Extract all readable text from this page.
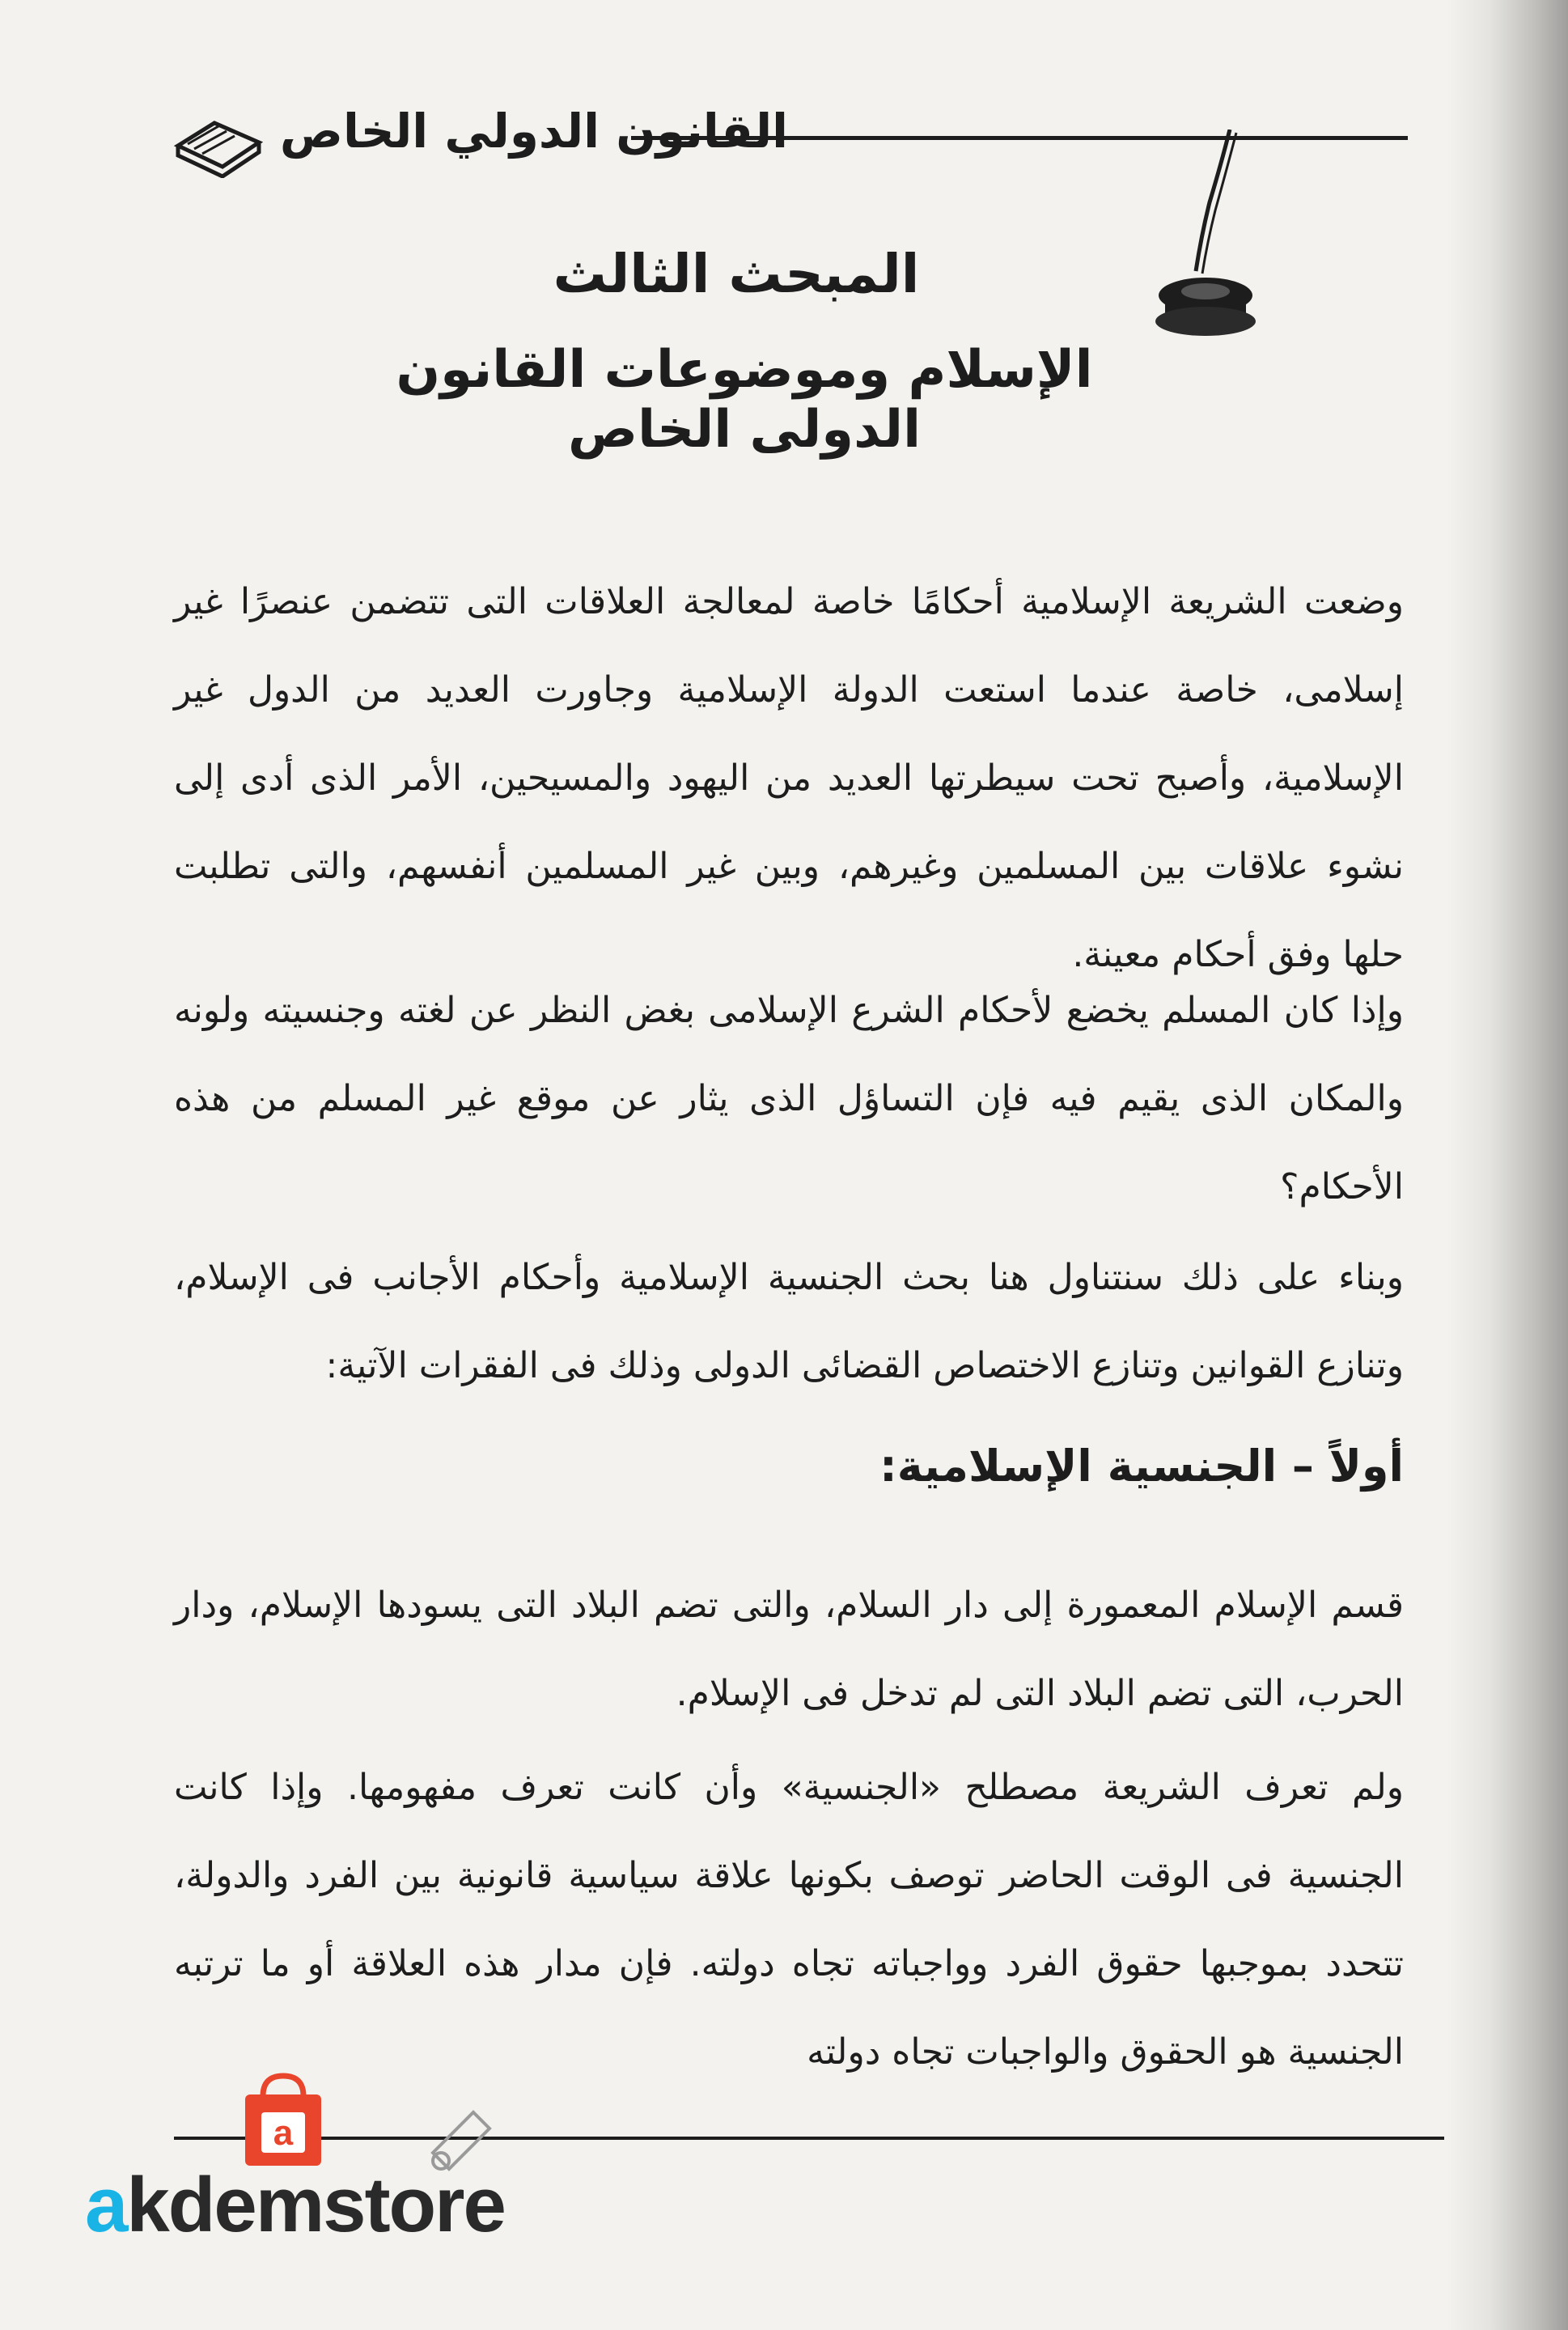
القانون الدولي الخاص
المبحث الثالث
الإسلام وموضوعات القانون الدولى الخاص

وضعت الشريعة الإسلامية أحكامًا خاصة لمعالجة العلاقات التى تتضمن عنصرًا غير إسلامى، خاصة عندما استعت الدولة الإسلامية وجاورت العديد من الدول غير الإسلامية، وأصبح تحت سيطرتها العديد من اليهود والمسيحين، الأمر الذى أدى إلى نشوء علاقات بين المسلمين وغيرهم، وبين غير المسلمين أنفسهم، والتى تطلبت حلها وفق أحكام معينة.

وإذا كان المسلم يخضع لأحكام الشرع الإسلامى بغض النظر عن لغته وجنسيته ولونه والمكان الذى يقيم فيه فإن التساؤل الذى يثار عن موقع غير المسلم من هذه الأحكام؟

وبناء على ذلك سنتناول هنا بحث الجنسية الإسلامية وأحكام الأجانب فى الإسلام، وتنازع القوانين وتنازع الاختصاص القضائى الدولى وذلك فى الفقرات الآتية:

أولاً – الجنسية الإسلامية:

قسم الإسلام المعمورة إلى دار السلام، والتى تضم البلاد التى يسودها الإسلام، ودار الحرب، التى تضم البلاد التى لم تدخل فى الإسلام.

ولم تعرف الشريعة مصطلح «الجنسية» وأن كانت تعرف مفهومها. وإذا كانت الجنسية فى الوقت الحاضر توصف بكونها علاقة سياسية قانونية بين الفرد والدولة، تتحدد بموجبها حقوق الفرد وواجباته تجاه دولته. فإن مدار هذه العلاقة أو ما ترتبه الجنسية هو الحقوق والواجبات تجاه دولته

a
akdemstore
